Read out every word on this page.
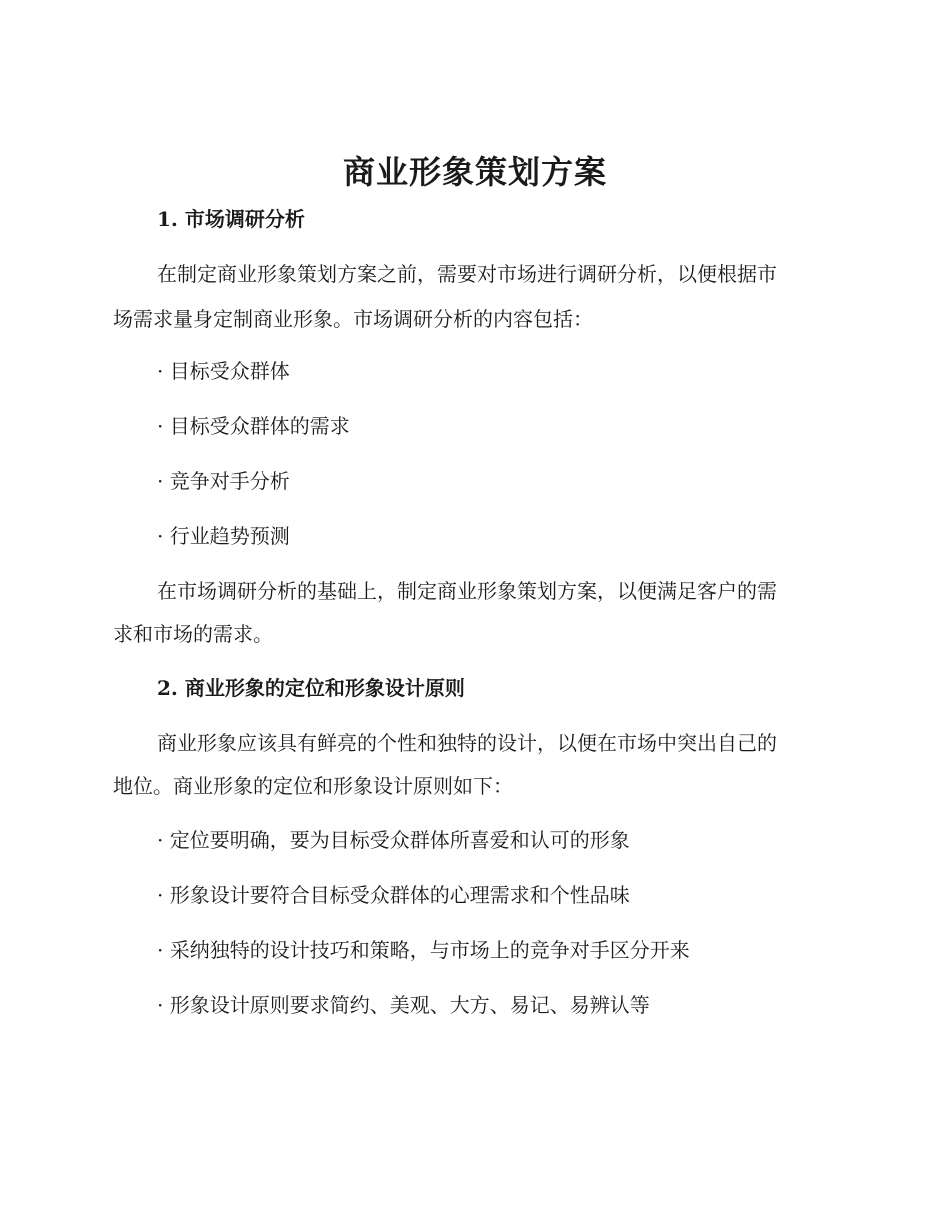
商业形象策划方案
1. 市场调研分析

在制定商业形象策划方案之前，需要对市场进行调研分析，以便根据市

场需求量身定制商业形象。市场调研分析的内容包括：

· 目标受众群体

· 目标受众群体的需求

· 竞争对手分析

· 行业趋势预测

在市场调研分析的基础上，制定商业形象策划方案，以便满足客户的需

求和市场的需求。

2. 商业形象的定位和形象设计原则

商业形象应该具有鲜亮的个性和独特的设计，以便在市场中突出自己的

地位。商业形象的定位和形象设计原则如下：

· 定位要明确，要为目标受众群体所喜爱和认可的形象

· 形象设计要符合目标受众群体的心理需求和个性品味

· 采纳独特的设计技巧和策略，与市场上的竞争对手区分开来

· 形象设计原则要求简约、美观、大方、易记、易辨认等
